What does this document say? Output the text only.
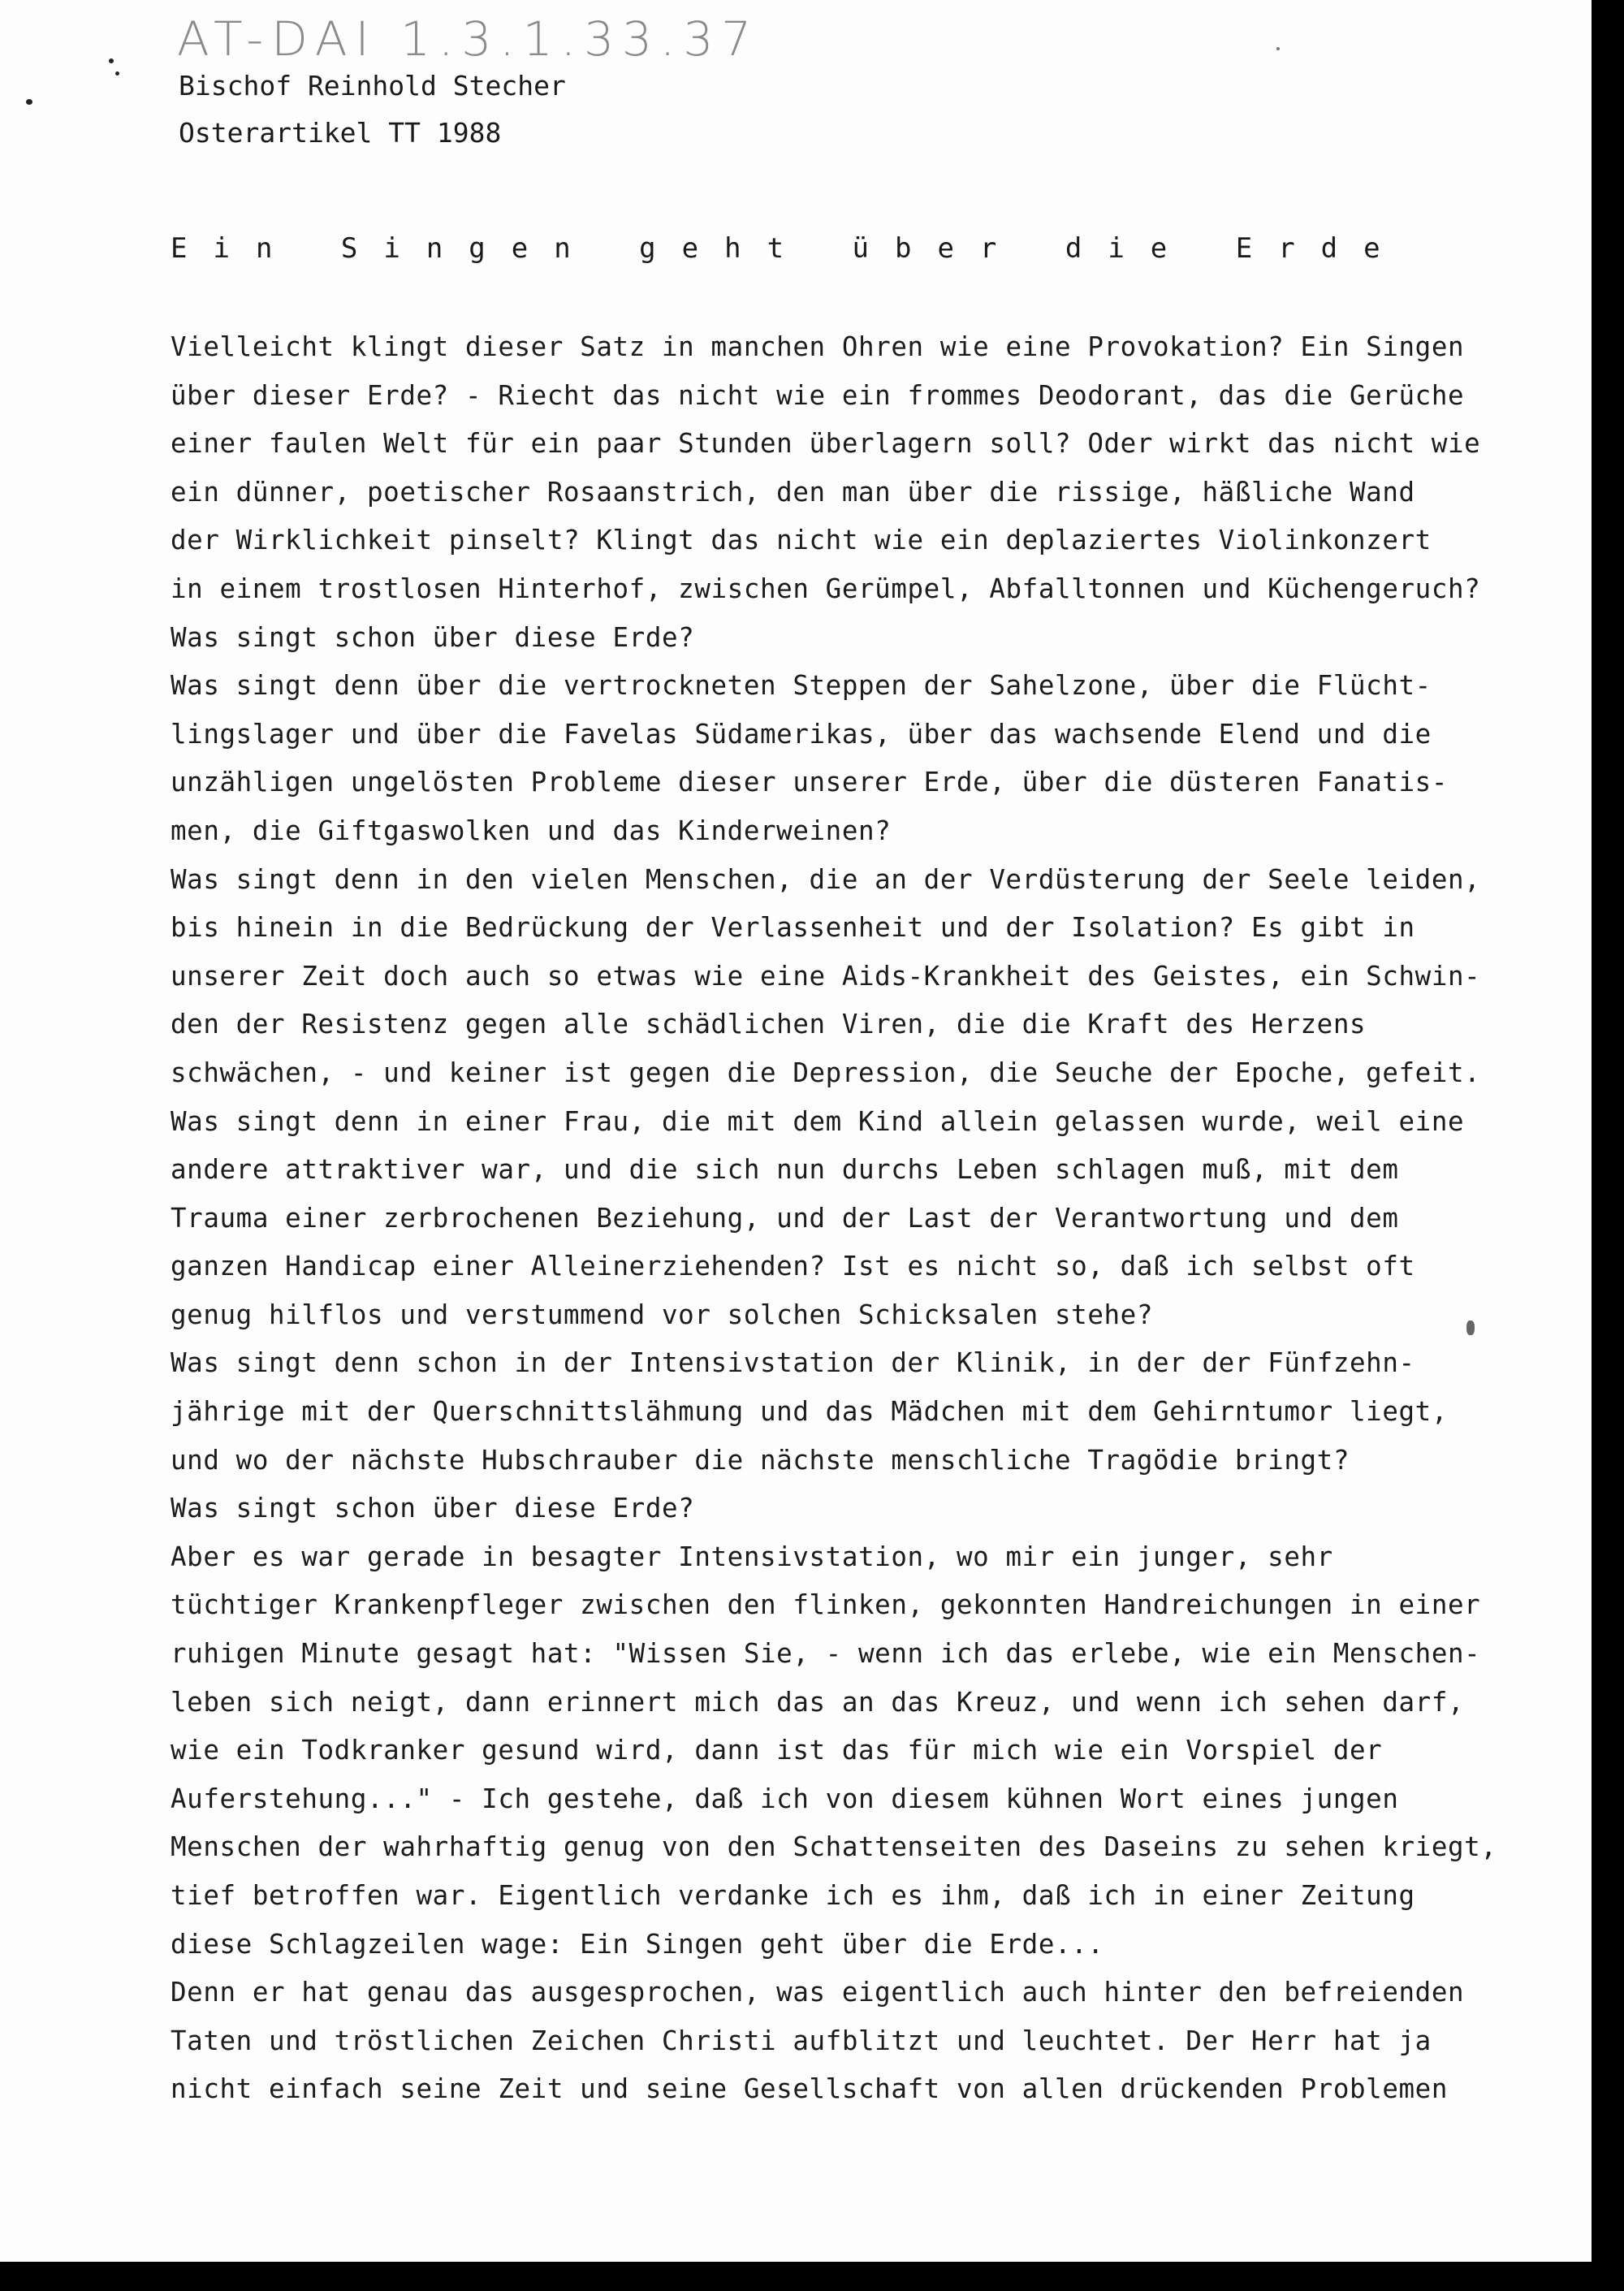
AT-DAI 1.3.1.33.37
Bischof Reinhold Stecher
Osterartikel TT 1988
Ein Singen geht über die Erde
Vielleicht klingt dieser Satz in manchen Ohren wie eine Provokation? Ein Singen
über dieser Erde? - Riecht das nicht wie ein frommes Deodorant, das die Gerüche
einer faulen Welt für ein paar Stunden überlagern soll? Oder wirkt das nicht wie
ein dünner, poetischer Rosaanstrich, den man über die rissige, häßliche Wand
der Wirklichkeit pinselt? Klingt das nicht wie ein deplaziertes Violinkonzert
in einem trostlosen Hinterhof, zwischen Gerümpel, Abfalltonnen und Küchengeruch?
Was singt schon über diese Erde?
Was singt denn über die vertrockneten Steppen der Sahelzone, über die Flücht-
lingslager und über die Favelas Südamerikas, über das wachsende Elend und die
unzähligen ungelösten Probleme dieser unserer Erde, über die düsteren Fanatis-
men, die Giftgaswolken und das Kinderweinen?
Was singt denn in den vielen Menschen, die an der Verdüsterung der Seele leiden,
bis hinein in die Bedrückung der Verlassenheit und der Isolation? Es gibt in
unserer Zeit doch auch so etwas wie eine Aids-Krankheit des Geistes, ein Schwin-
den der Resistenz gegen alle schädlichen Viren, die die Kraft des Herzens
schwächen, - und keiner ist gegen die Depression, die Seuche der Epoche, gefeit.
Was singt denn in einer Frau, die mit dem Kind allein gelassen wurde, weil eine
andere attraktiver war, und die sich nun durchs Leben schlagen muß, mit dem
Trauma einer zerbrochenen Beziehung, und der Last der Verantwortung und dem
ganzen Handicap einer Alleinerziehenden? Ist es nicht so, daß ich selbst oft
genug hilflos und verstummend vor solchen Schicksalen stehe?
Was singt denn schon in der Intensivstation der Klinik, in der der Fünfzehn-
jährige mit der Querschnittslähmung und das Mädchen mit dem Gehirntumor liegt,
und wo der nächste Hubschrauber die nächste menschliche Tragödie bringt?
Was singt schon über diese Erde?
Aber es war gerade in besagter Intensivstation, wo mir ein junger, sehr
tüchtiger Krankenpfleger zwischen den flinken, gekonnten Handreichungen in einer
ruhigen Minute gesagt hat: "Wissen Sie, - wenn ich das erlebe, wie ein Menschen-
leben sich neigt, dann erinnert mich das an das Kreuz, und wenn ich sehen darf,
wie ein Todkranker gesund wird, dann ist das für mich wie ein Vorspiel der
Auferstehung..." - Ich gestehe, daß ich von diesem kühnen Wort eines jungen
Menschen der wahrhaftig genug von den Schattenseiten des Daseins zu sehen kriegt,
tief betroffen war. Eigentlich verdanke ich es ihm, daß ich in einer Zeitung
diese Schlagzeilen wage: Ein Singen geht über die Erde...
Denn er hat genau das ausgesprochen, was eigentlich auch hinter den befreienden
Taten und tröstlichen Zeichen Christi aufblitzt und leuchtet. Der Herr hat ja
nicht einfach seine Zeit und seine Gesellschaft von allen drückenden Problemen
